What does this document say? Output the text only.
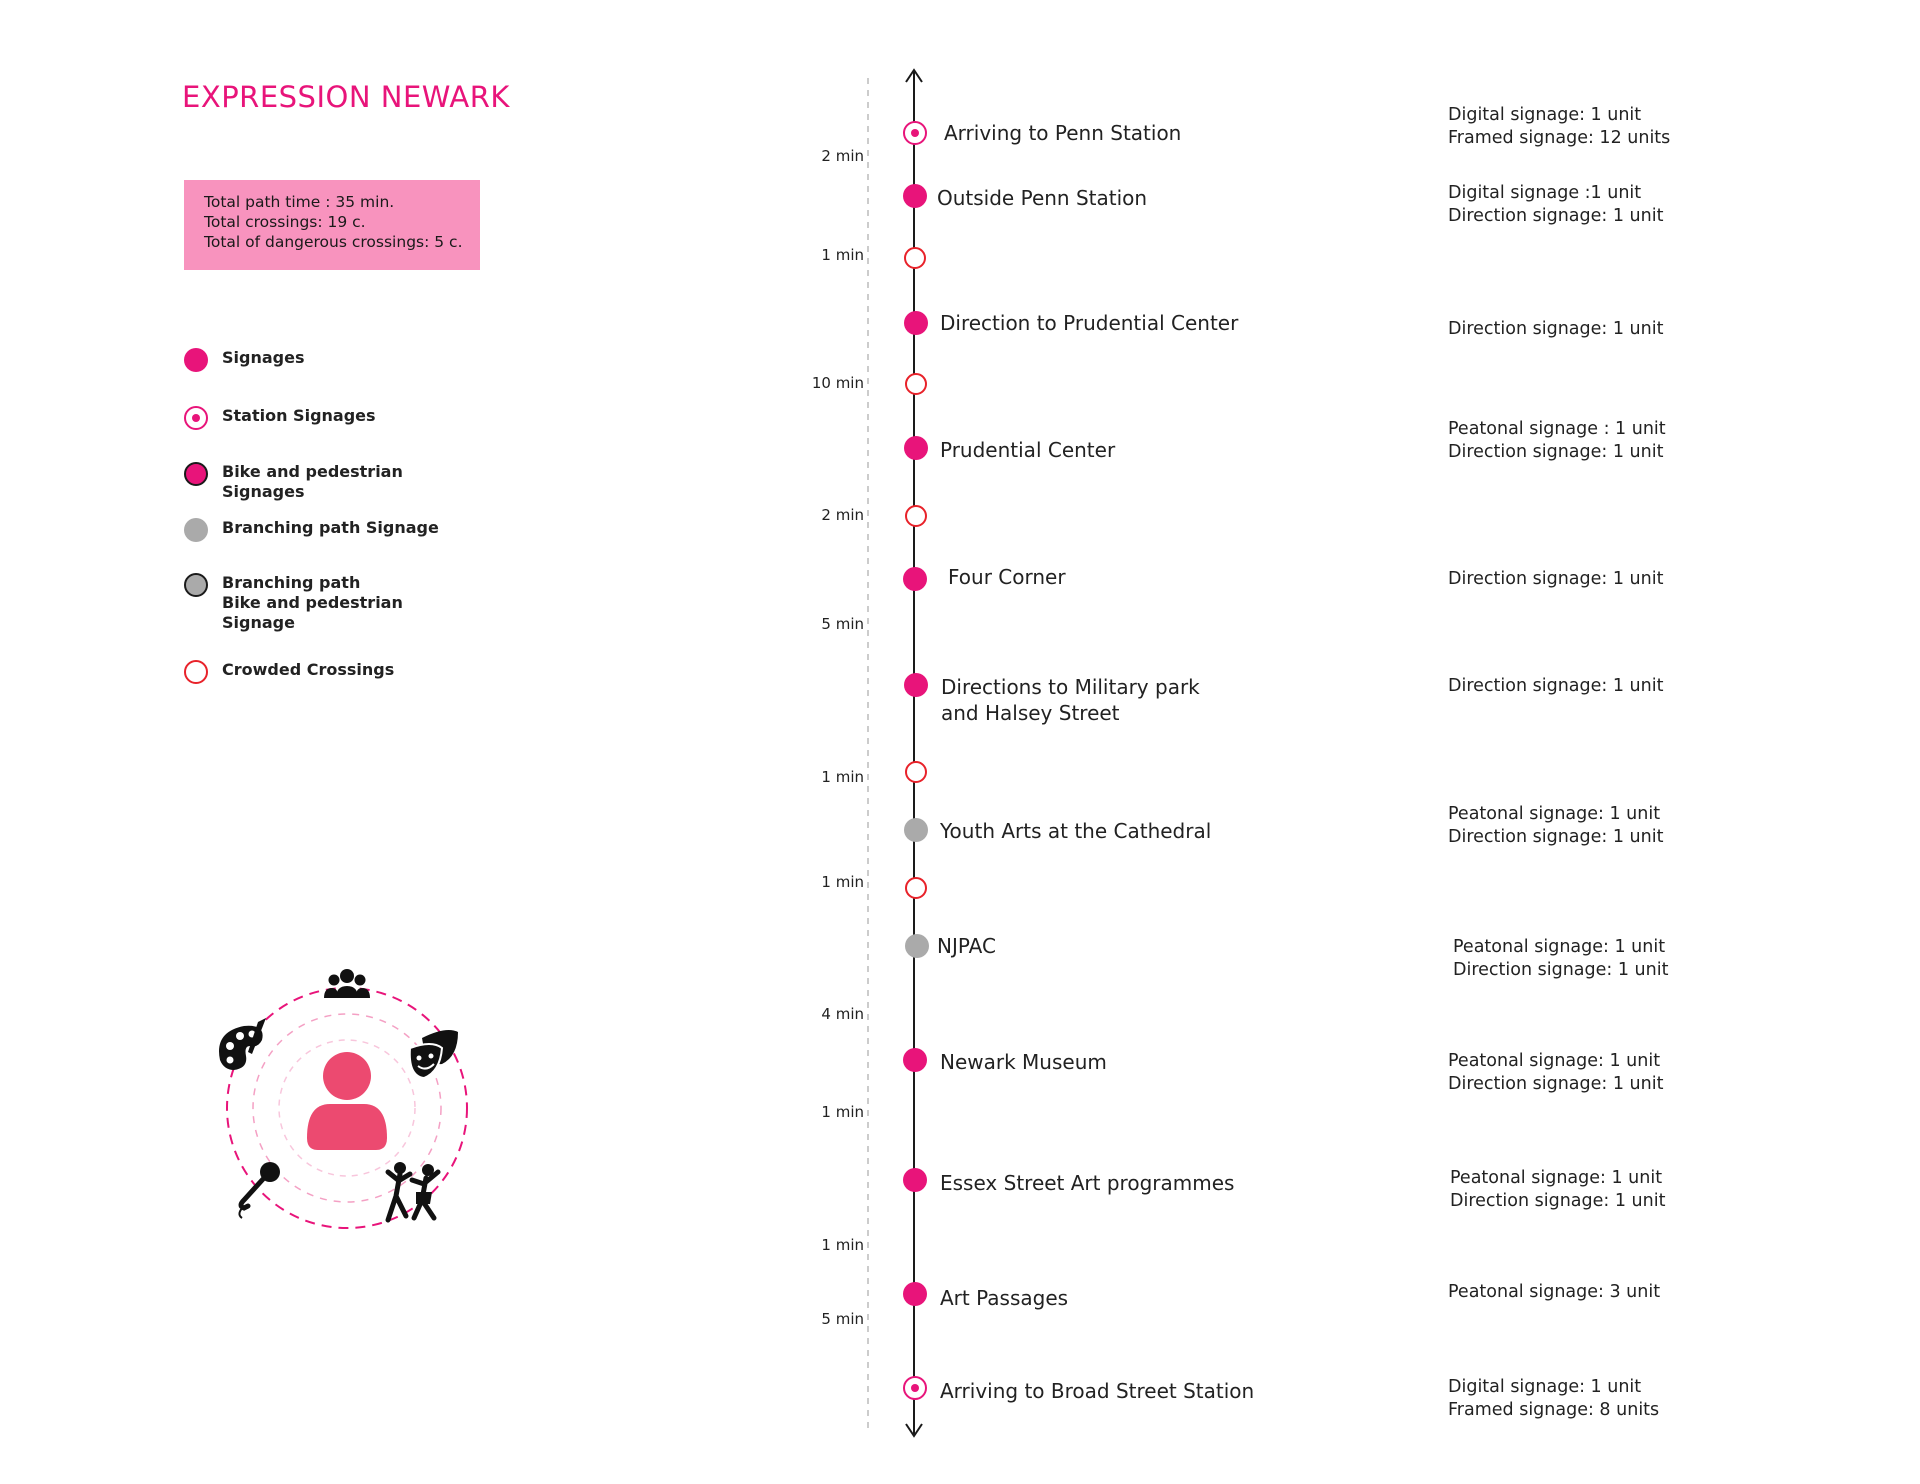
EXPRESSION NEWARK
Total path time : 35 min.
Total crossings: 19 c.
Total of dangerous crossings: 5 c.
Signages
Station Signages
Bike and pedestrian
Signages
Branching path Signage
Branching path
Bike and pedestrian
Signage
Crowded Crossings
Arriving to Penn Station
Outside Penn Station
Direction to Prudential Center
Prudential Center
Four Corner
Directions to Military park
and Halsey Street
Youth Arts at the Cathedral
NJPAC
Newark Museum
Essex Street Art programmes
Art Passages
Arriving to Broad Street Station
Digital signage: 1 unit
Framed signage: 12 units
Digital signage :1 unit
Direction signage: 1 unit
Direction signage: 1 unit
Peatonal signage : 1 unit
Direction signage: 1 unit
Direction signage: 1 unit
Direction signage: 1 unit
Peatonal signage: 1 unit
Direction signage: 1 unit
Peatonal signage: 1 unit
Direction signage: 1 unit
Peatonal signage: 1 unit
Direction signage: 1 unit
Peatonal signage: 1 unit
Direction signage: 1 unit
Peatonal signage: 3 unit
Digital signage: 1 unit
Framed signage: 8 units
2 min
1 min
10 min
2 min
5 min
1 min
1 min
4 min
1 min
1 min
5 min
